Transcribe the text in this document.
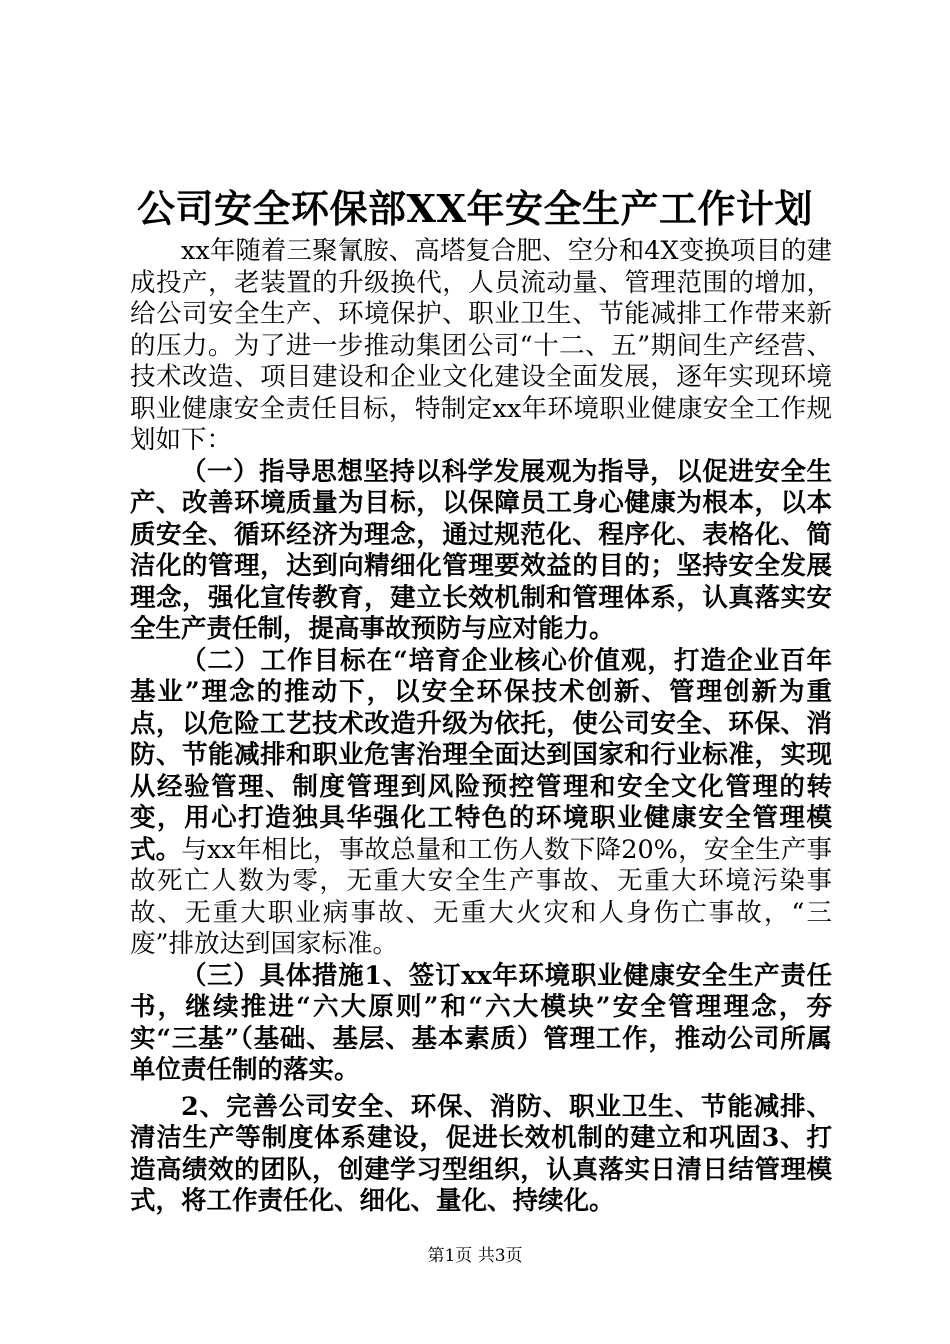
公司安全环保部XX年安全生产工作计划

xx年随着三聚氰胺、高塔复合肥、空分和4X变换项目的建成投产，老装置的升级换代，人员流动量、管理范围的增加，给公司安全生产、环境保护、职业卫生、节能减排工作带来新的压力。为了进一步推动集团公司“十二、五”期间生产经营、技术改造、项目建设和企业文化建设全面发展，逐年实现环境职业健康安全责任目标，特制定xx年环境职业健康安全工作规划如下：

（一）指导思想坚持以科学发展观为指导，以促进安全生产、改善环境质量为目标，以保障员工身心健康为根本，以本质安全、循环经济为理念，通过规范化、程序化、表格化、简洁化的管理，达到向精细化管理要效益的目的；坚持安全发展理念，强化宣传教育，建立长效机制和管理体系，认真落实安全生产责任制，提高事故预防与应对能力。

（二）工作目标在“培育企业核心价值观，打造企业百年基业”理念的推动下，以安全环保技术创新、管理创新为重点，以危险工艺技术改造升级为依托，使公司安全、环保、消防、节能减排和职业危害治理全面达到国家和行业标准，实现从经验管理、制度管理到风险预控管理和安全文化管理的转变，用心打造独具华强化工特色的环境职业健康安全管理模式。与xx年相比，事故总量和工伤人数下降20%，安全生产事故死亡人数为零，无重大安全生产事故、无重大环境污染事故、无重大职业病事故、无重大火灾和人身伤亡事故，“三废”排放达到国家标准。

（三）具体措施1、签订xx年环境职业健康安全生产责任书，继续推进“六大原则”和“六大模块”安全管理理念，夯实“三基”（基础、基层、基本素质）管理工作，推动公司所属单位责任制的落实。

2、完善公司安全、环保、消防、职业卫生、节能减排、清洁生产等制度体系建设，促进长效机制的建立和巩固3、打造高绩效的团队，创建学习型组织，认真落实日清日结管理模式，将工作责任化、细化、量化、持续化。

第1页 共3页
